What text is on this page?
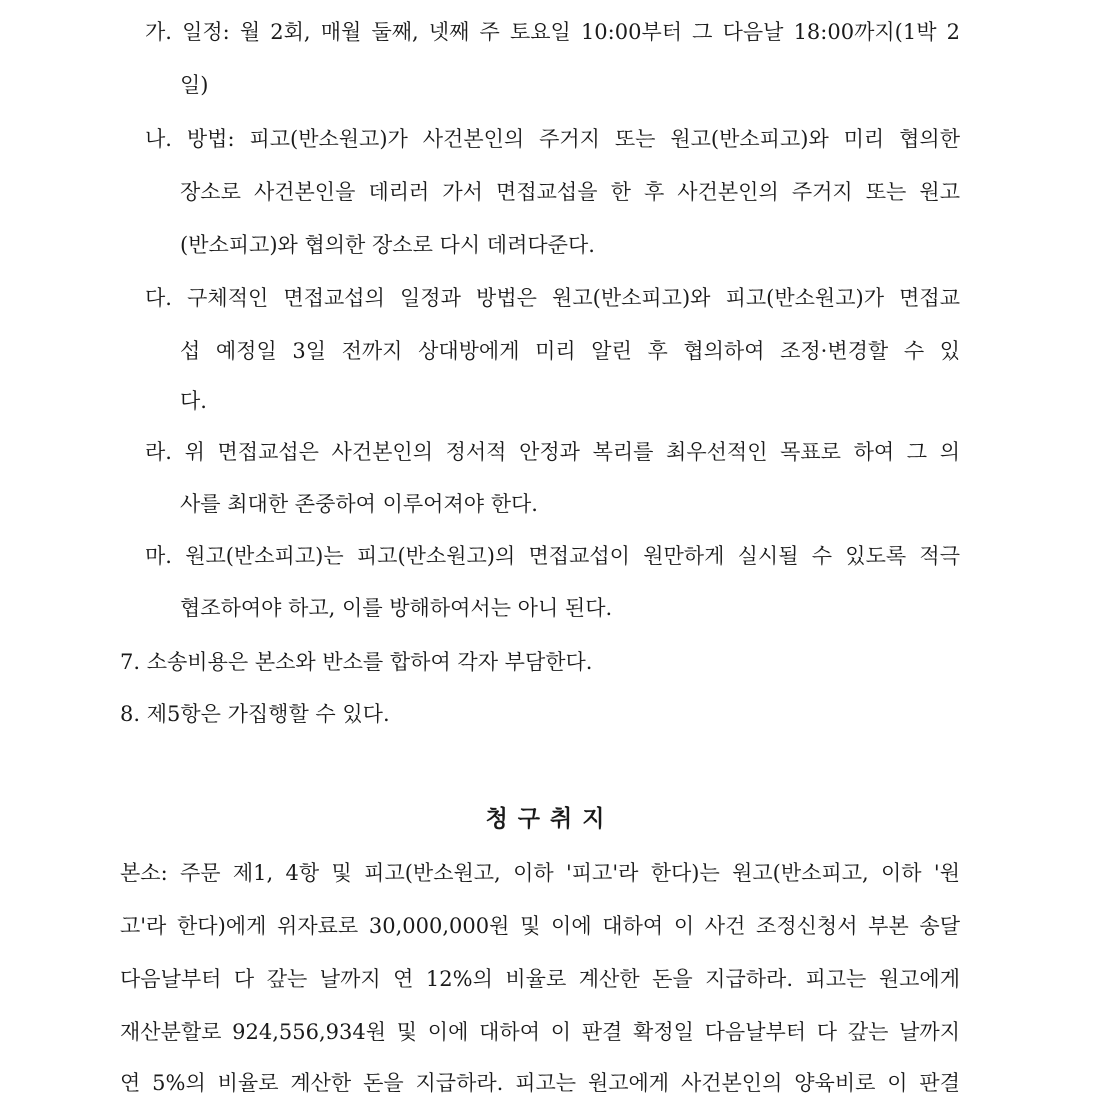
가. 일정: 월 2회, 매월 둘째, 넷째 주 토요일 10:00부터 그 다음날 18:00까지(1박 2
일)
나. 방법: 피고(반소원고)가 사건본인의 주거지 또는 원고(반소피고)와 미리 협의한
장소로 사건본인을 데리러 가서 면접교섭을 한 후 사건본인의 주거지 또는 원고
(반소피고)와 협의한 장소로 다시 데려다준다.
다. 구체적인 면접교섭의 일정과 방법은 원고(반소피고)와 피고(반소원고)가 면접교
섭 예정일 3일 전까지 상대방에게 미리 알린 후 협의하여 조정·변경할 수 있
다.
라. 위 면접교섭은 사건본인의 정서적 안정과 복리를 최우선적인 목표로 하여 그 의
사를 최대한 존중하여 이루어져야 한다.
마. 원고(반소피고)는 피고(반소원고)의 면접교섭이 원만하게 실시될 수 있도록 적극
협조하여야 하고, 이를 방해하여서는 아니 된다.
7. 소송비용은 본소와 반소를 합하여 각자 부담한다.
8. 제5항은 가집행할 수 있다.
청구취지
본소: 주문 제1, 4항 및 피고(반소원고, 이하 '피고'라 한다)는 원고(반소피고, 이하 '원
고'라 한다)에게 위자료로 30,000,000원 및 이에 대하여 이 사건 조정신청서 부본 송달
다음날부터 다 갚는 날까지 연 12%의 비율로 계산한 돈을 지급하라. 피고는 원고에게
재산분할로 924,556,934원 및 이에 대하여 이 판결 확정일 다음날부터 다 갚는 날까지
연 5%의 비율로 계산한 돈을 지급하라. 피고는 원고에게 사건본인의 양육비로 이 판결
